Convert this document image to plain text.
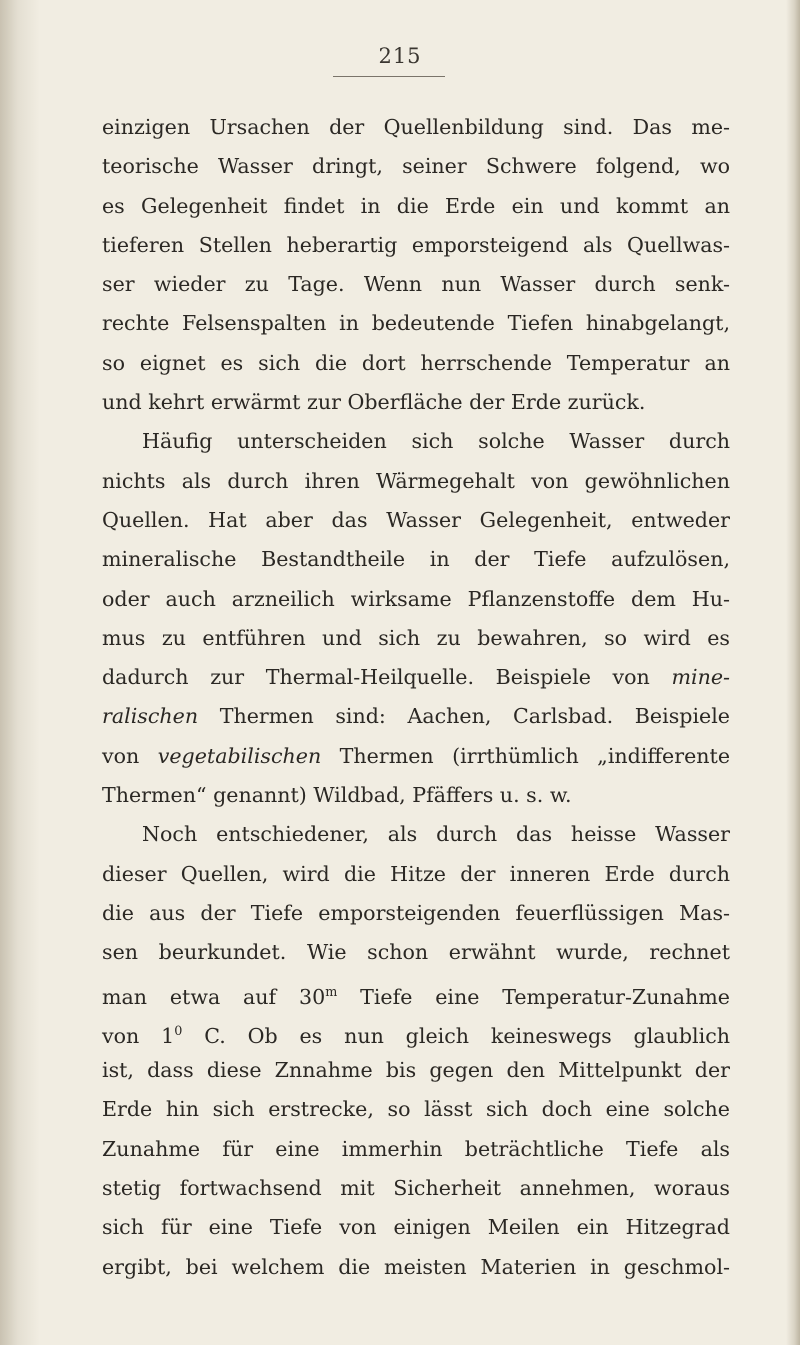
215
einzigen Ursachen der Quellenbildung sind. Das me-
teorische Wasser dringt, seiner Schwere folgend, wo
es Gelegenheit findet in die Erde ein und kommt an
tieferen Stellen heberartig emporsteigend als Quellwas-
ser wieder zu Tage. Wenn nun Wasser durch senk-
rechte Felsenspalten in bedeutende Tiefen hinabgelangt,
so eignet es sich die dort herrschende Temperatur an
und kehrt erwärmt zur Oberfläche der Erde zurück.
Häufig unterscheiden sich solche Wasser durch
nichts als durch ihren Wärmegehalt von gewöhnlichen
Quellen. Hat aber das Wasser Gelegenheit, entweder
mineralische Bestandtheile in der Tiefe aufzulösen,
oder auch arzneilich wirksame Pflanzenstoffe dem Hu-
mus zu entführen und sich zu bewahren, so wird es
dadurch zur Thermal-Heilquelle. Beispiele von mine-
ralischen Thermen sind: Aachen, Carlsbad. Beispiele
von vegetabilischen Thermen (irrthümlich „indifferente
Thermen“ genannt) Wildbad, Pfäffers u. s. w.
Noch entschiedener, als durch das heisse Wasser
dieser Quellen, wird die Hitze der inneren Erde durch
die aus der Tiefe emporsteigenden feuerflüssigen Mas-
sen beurkundet. Wie schon erwähnt wurde, rechnet
man etwa auf 30$^m$ Tiefe eine Temperatur-Zunahme
von $1^0$ C. Ob es nun gleich keineswegs glaublich
ist, dass diese Znnahme bis gegen den Mittelpunkt der
Erde hin sich erstrecke, so lässt sich doch eine solche
Zunahme für eine immerhin beträchtliche Tiefe als
stetig fortwachsend mit Sicherheit annehmen, woraus
sich für eine Tiefe von einigen Meilen ein Hitzegrad
ergibt, bei welchem die meisten Materien in geschmol-
